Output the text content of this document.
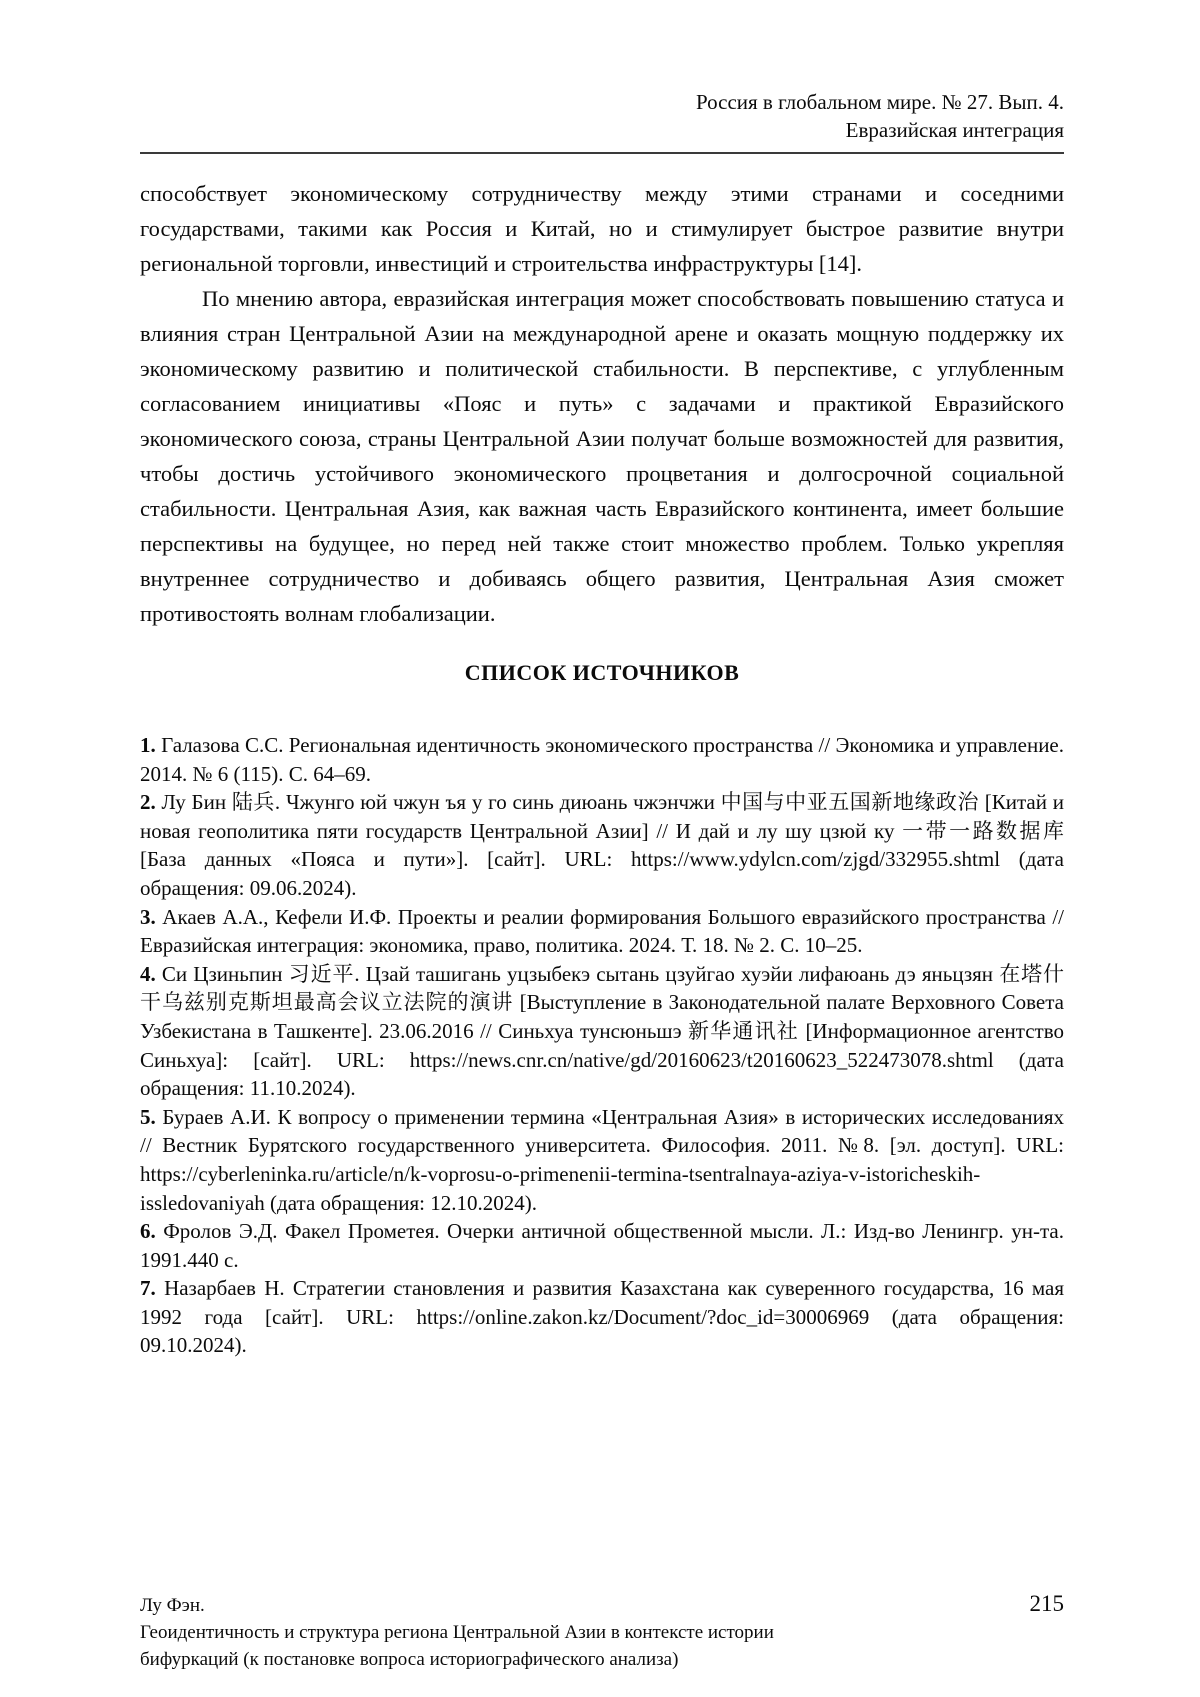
Россия в глобальном мире. № 27. Вып. 4.
Евразийская интеграция

способствует экономическому сотрудничеству между этими странами и соседними государствами, такими как Россия и Китай, но и стимулирует быстрое развитие внутри региональной торговли, инвестиций и строительства инфраструктуры [14].

По мнению автора, евразийская интеграция может способствовать повышению статуса и влияния стран Центральной Азии на международной арене и оказать мощную поддержку их экономическому развитию и политической стабильности. В перспективе, с углубленным согласованием инициативы «Пояс и путь» с задачами и практикой Евразийского экономического союза, страны Центральной Азии получат больше возможностей для развития, чтобы достичь устойчивого экономического процветания и долгосрочной социальной стабильности. Центральная Азия, как важная часть Евразийского континента, имеет большие перспективы на будущее, но перед ней также стоит множество проблем. Только укрепляя внутреннее сотрудничество и добиваясь общего развития, Центральная Азия сможет противостоять волнам глобализации.

СПИСОК ИСТОЧНИКОВ

1. Галазова С.С. Региональная идентичность экономического пространства // Экономика и управление. 2014. № 6 (115). С. 64–69.

2. Лу Бин 陆兵. Чжунго юй чжун ъя у го синь диюань чжэнчжи 中国与中亚五国新地缘政治 [Китай и новая геополитика пяти государств Центральной Азии] // И дай и лу шу цзюй ку 一带一路数据库 [База данных «Пояса и пути»]. [сайт]. URL: https://www.ydylcn.com/zjgd/332955.shtml (дата обращения: 09.06.2024).

3. Акаев А.А., Кефели И.Ф. Проекты и реалии формирования Большого евразийского пространства // Евразийская интеграция: экономика, право, политика. 2024. Т. 18. № 2. С. 10–25.

4. Си Цзиньпин 习近平. Цзай ташигань уцзыбекэ сытань цзуйгао хуэйи лифаюань дэ яньцзян 在塔什干乌兹别克斯坦最高会议立法院的演讲 [Выступление в Законодательной палате Верховного Совета Узбекистана в Ташкенте]. 23.06.2016 // Синьхуа тунсюньшэ 新华通讯社 [Информационное агентство Синьхуа]: [сайт]. URL: https://news.cnr.cn/native/gd/20160623/t20160623_522473078.shtml (дата обращения: 11.10.2024).

5. Бураев А.И. К вопросу о применении термина «Центральная Азия» в исторических исследованиях // Вестник Бурятского государственного университета. Философия. 2011. №8. [эл. доступ]. URL: https://cyberleninka.ru/article/n/k-voprosu-o-primenenii-termina-tsentralnaya-aziya-v-istoricheskih-issledovaniyah (дата обращения: 12.10.2024).

6. Фролов Э.Д. Факел Прометея. Очерки античной общественной мысли. Л.: Изд-во Ленингр. ун-та. 1991.440 с.

7. Назарбаев Н. Стратегии становления и развития Казахстана как суверенного государства, 16 мая 1992 года [сайт]. URL: https://online.zakon.kz/Document/?doc_id=30006969 (дата обращения: 09.10.2024).

Лу Фэн.	215
Геоидентичность и структура региона Центральной Азии в контексте истории
бифуркаций (к постановке вопроса историографического анализа)
